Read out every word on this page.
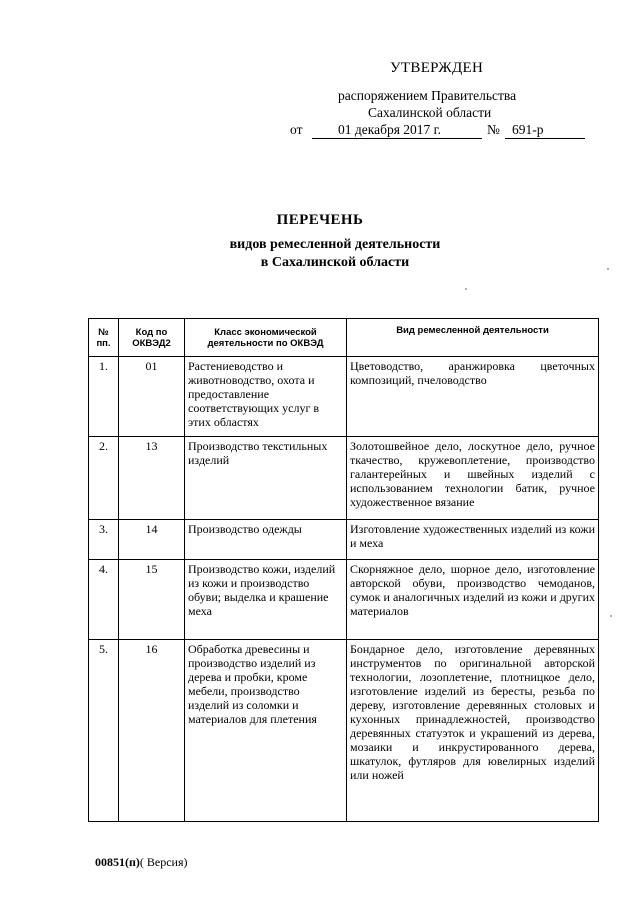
УТВЕРЖДЕН
распоряжением Правительства
Сахалинской области
от	01 декабря 2017 г.	№ 691-р
ПЕРЕЧЕНЬ
видов ремесленной деятельности
в Сахалинской области
№ пп.	Код по ОКВЭД2	Класс экономической деятельности по ОКВЭД	Вид ремесленной деятельности
1.	01	Растениеводство и животноводство, охота и предоставление соответствующих услуг в этих областях	Цветоводство, аранжировка цветочных композиций, пчеловодство
2.	13	Производство текстильных изделий	Золотошвейное дело, лоскутное дело, ручное ткачество, кружевоплетение, производство галантерейных и швейных изделий с использованием технологии батик, ручное художественное вязание
3.	14	Производство одежды	Изготовление художественных изделий из кожи и меха
4.	15	Производство кожи, изделий из кожи и производство обуви; выделка и крашение меха	Скорняжное дело, шорное дело, изготовление авторской обуви, производство чемоданов, сумок и аналогичных изделий из кожи и других материалов
5.	16	Обработка древесины и производство изделий из дерева и пробки, кроме мебели, производство изделий из соломки и материалов для плетения	Бондарное дело, изготовление деревянных инструментов по оригинальной авторской технологии, лозоплетение, плотницкое дело, изготовление изделий из бересты, резьба по дереву, изготовление деревянных столовых и кухонных принадлежностей, производство деревянных статуэток и украшений из дерева, мозаики и инкрустированного дерева, шкатулок, футляров для ювелирных изделий или ножей
00851(п)( Версия)
